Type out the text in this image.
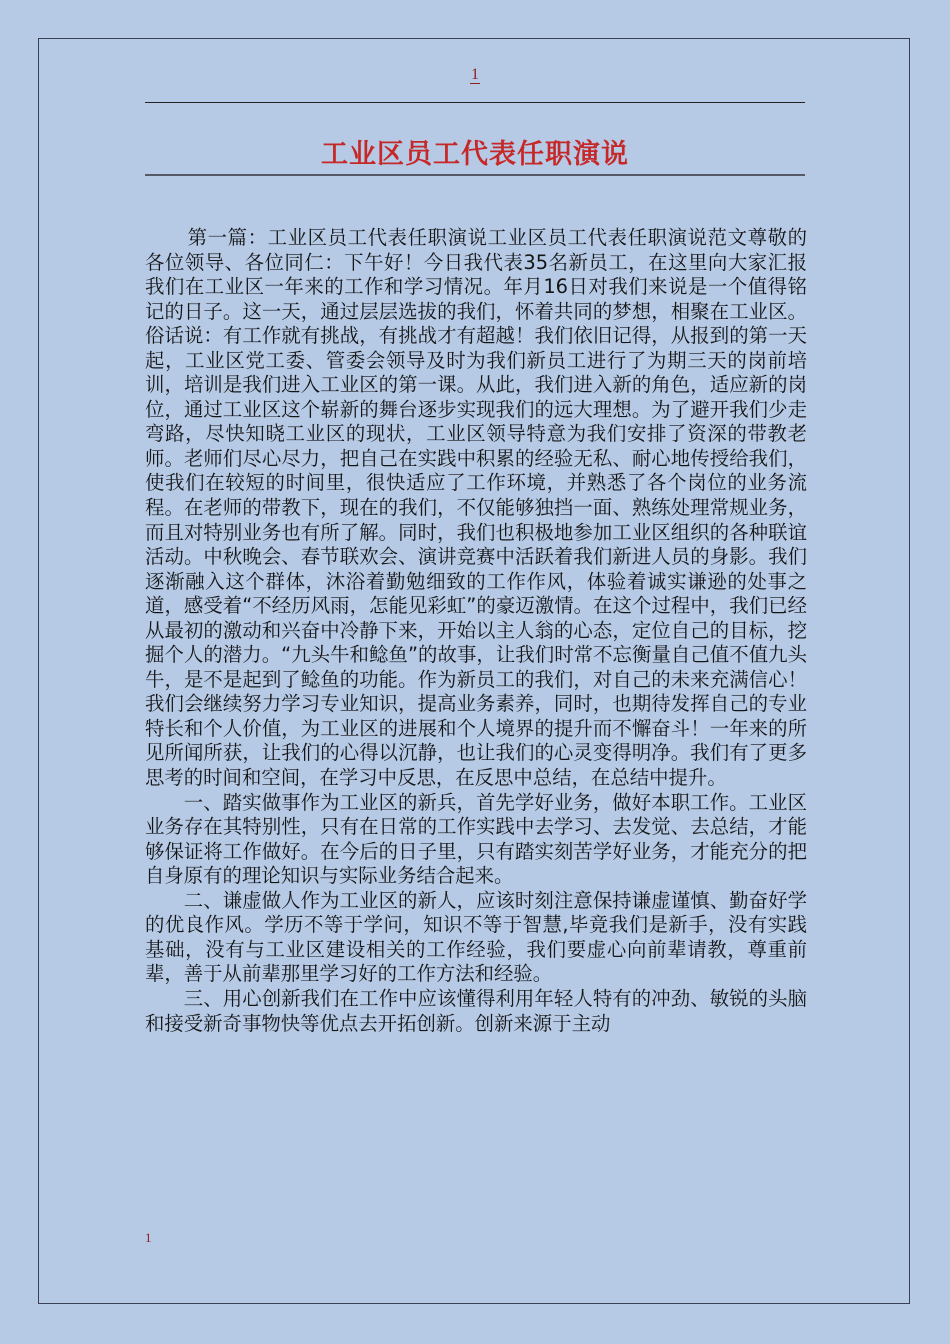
1
工业区员工代表任职演说

第一篇：工业区员工代表任职演说工业区员工代表任职演说范文尊敬的各位领导、各位同仁：下午好！今日我代表35名新员工，在这里向大家汇报我们在工业区一年来的工作和学习情况。年月16日对我们来说是一个值得铭记的日子。这一天，通过层层选拔的我们，怀着共同的梦想，相聚在工业区。俗话说：有工作就有挑战，有挑战才有超越！我们依旧记得，从报到的第一天起，工业区党工委、管委会领导及时为我们新员工进行了为期三天的岗前培训，培训是我们进入工业区的第一课。从此，我们进入新的角色，适应新的岗位，通过工业区这个崭新的舞台逐步实现我们的远大理想。为了避开我们少走弯路，尽快知晓工业区的现状，工业区领导特意为我们安排了资深的带教老师。老师们尽心尽力，把自己在实践中积累的经验无私、耐心地传授给我们，使我们在较短的时间里，很快适应了工作环境，并熟悉了各个岗位的业务流程。在老师的带教下，现在的我们，不仅能够独挡一面、熟练处理常规业务，而且对特别业务也有所了解。同时，我们也积极地参加工业区组织的各种联谊活动。中秋晚会、春节联欢会、演讲竞赛中活跃着我们新进人员的身影。我们逐渐融入这个群体，沐浴着勤勉细致的工作作风，体验着诚实谦逊的处事之道，感受着“不经历风雨，怎能见彩虹”的豪迈激情。在这个过程中，我们已经从最初的激动和兴奋中冷静下来，开始以主人翁的心态，定位自己的目标，挖掘个人的潜力。“九头牛和鲶鱼”的故事，让我们时常不忘衡量自己值不值九头牛，是不是起到了鲶鱼的功能。作为新员工的我们，对自己的未来充满信心！我们会继续努力学习专业知识，提高业务素养，同时，也期待发挥自己的专业特长和个人价值，为工业区的进展和个人境界的提升而不懈奋斗！一年来的所见所闻所获，让我们的心得以沉静，也让我们的心灵变得明净。我们有了更多思考的时间和空间，在学习中反思，在反思中总结，在总结中提升。

一、踏实做事作为工业区的新兵，首先学好业务，做好本职工作。工业区业务存在其特别性，只有在日常的工作实践中去学习、去发觉、去总结，才能够保证将工作做好。在今后的日子里，只有踏实刻苦学好业务，才能充分的把自身原有的理论知识与实际业务结合起来。

二、谦虚做人作为工业区的新人，应该时刻注意保持谦虚谨慎、勤奋好学的优良作风。学历不等于学问，知识不等于智慧,毕竟我们是新手，没有实践基础，没有与工业区建设相关的工作经验，我们要虚心向前辈请教，尊重前辈，善于从前辈那里学习好的工作方法和经验。

三、用心创新我们在工作中应该懂得利用年轻人特有的冲劲、敏锐的头脑和接受新奇事物快等优点去开拓创新。创新来源于主动

1
